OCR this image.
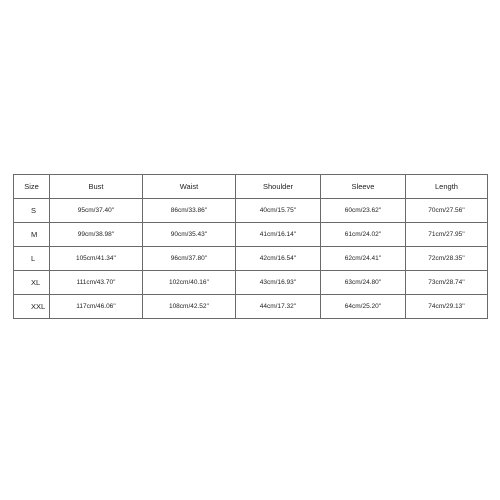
Size	Bust	Waist	Shoulder	Sleeve	Length
S	95cm/37.40''	86cm/33.86''	40cm/15.75''	60cm/23.62''	70cm/27.56''
M	99cm/38.98''	90cm/35.43''	41cm/16.14''	61cm/24.02''	71cm/27.95''
L	105cm/41.34''	96cm/37.80''	42cm/16.54''	62cm/24.41''	72cm/28.35''
XL	111cm/43.70''	102cm/40.16''	43cm/16.93''	63cm/24.80''	73cm/28.74''
XXL	117cm/46.06''	108cm/42.52''	44cm/17.32''	64cm/25.20''	74cm/29.13''
